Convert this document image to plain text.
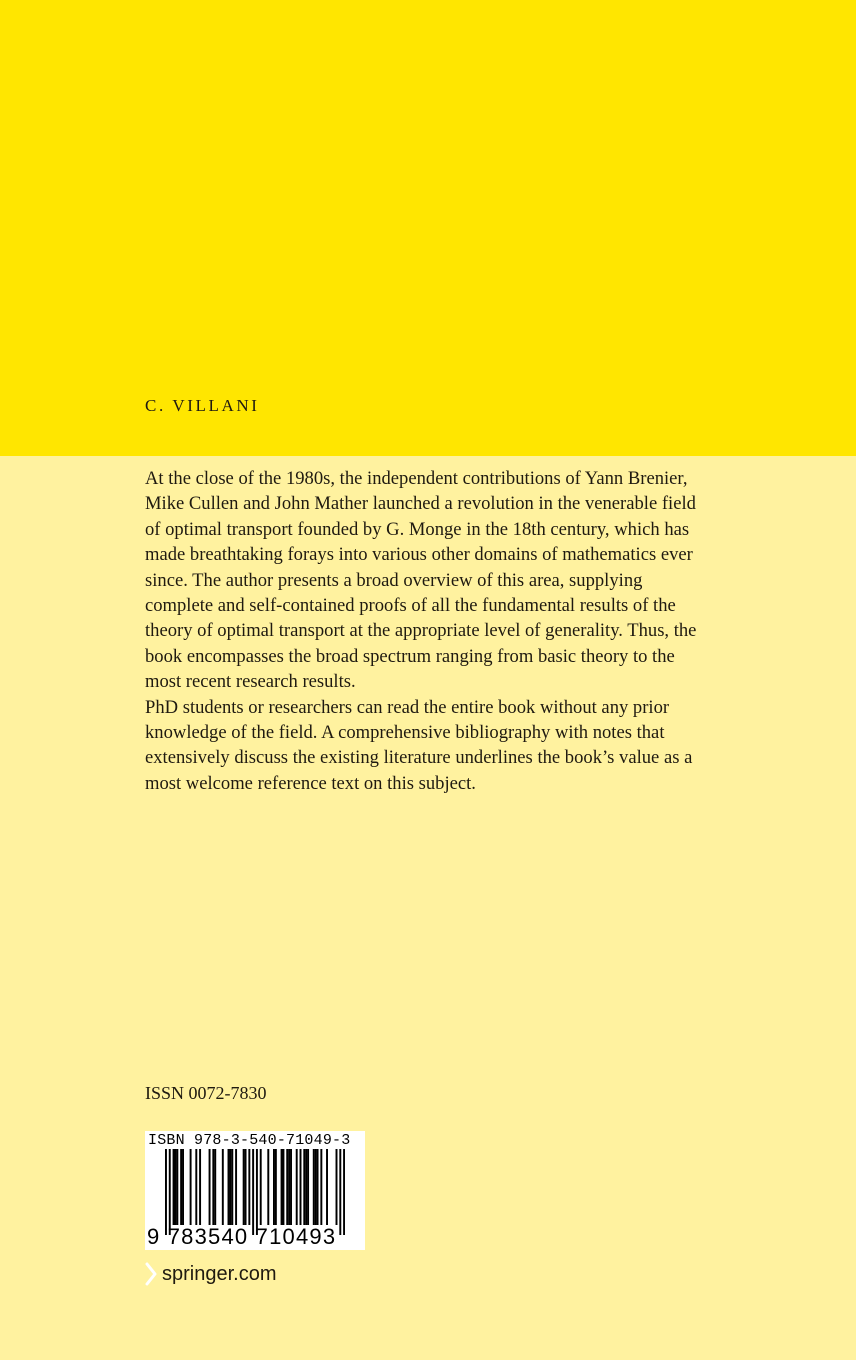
C. VILLANI

At the close of the 1980s, the independent contributions of Yann Brenier, Mike Cullen and John Mather launched a revolution in the venerable field of optimal transport founded by G. Monge in the 18th century, which has made breathtaking forays into various other domains of mathematics ever since. The author presents a broad overview of this area, supplying complete and self-contained proofs of all the fundamental results of the theory of optimal transport at the appropriate level of generality. Thus, the book encompasses the broad spectrum ranging from basic theory to the most recent research results.

PhD students or researchers can read the entire book without any prior knowledge of the field. A comprehensive bibliography with notes that extensively discuss the existing literature underlines the book’s value as a most welcome reference text on this subject.

ISSN 0072-7830
ISBN 978-3-540-71049-3
9 783540 710493
springer.com
